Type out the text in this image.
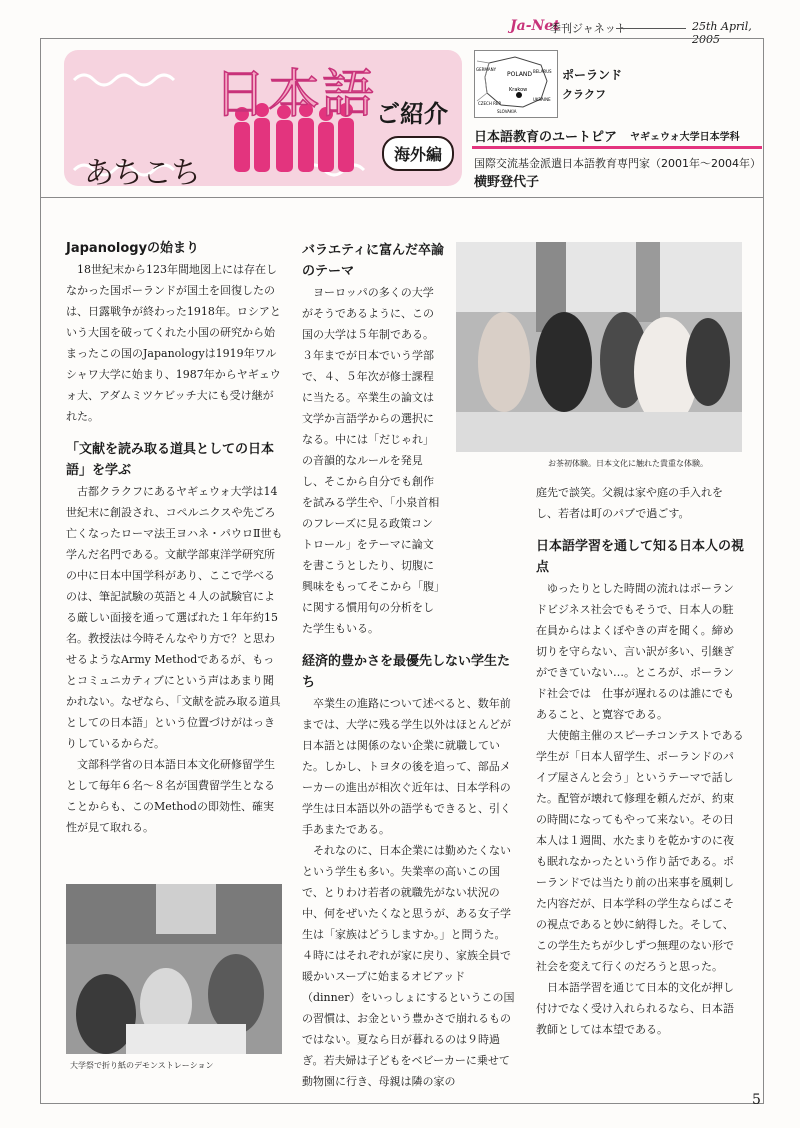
Ja-Net
季刊ジャネット	25th April, 2005
あちこち
日本語 ご紹介
海外編
POLAND
Krakow
GERMANY	BELARUS
UKRAINE
CZECH REP
SLOVAKIA
ポーランド
クラクフ
日本語教育のユートピア ヤギェウォ大学日本学科
国際交流基金派遣日本語教育専門家（2001年～2004年）
横野登代子
Japanologyの始まり

18世紀末から123年間地図上には存在しなかった国ポーランドが国土を回復したのは、日露戦争が終わった1918年。ロシアという大国を破ってくれた小国の研究から始まったこの国のJapanologyは1919年ワルシャワ大学に始まり、1987年からヤギェウォ大、アダムミツケビッチ大にも受け継がれた。

「文献を読み取る道具としての日本語」を学ぶ

古都クラクフにあるヤギェウォ大学は14世紀末に創設され、コペルニクスや先ごろ亡くなったローマ法王ヨハネ・パウロⅡ世も学んだ名門である。文献学部東洋学研究所の中に日本中国学科があり、ここで学べるのは、筆記試験の英語と４人の試験官による厳しい面接を通って選ばれた１年年約15名。教授法は今時そんなやり方で？と思わせるようなArmy Methodであるが、もっとコミュニカティブにという声はあまり聞かれない。なぜなら、「文献を読み取る道具としての日本語」という位置づけがはっきりしているからだ。

文部科学省の日本語日本文化研修留学生として毎年６名～８名が国費留学生となることからも、このMethodの即効性、確実性が見て取れる。

大学祭で折り紙のデモンストレーション
バラエティに富んだ卒論のテーマ
お茶初体験。日本文化に触れた貴重な体験。

ヨーロッパの多くの大学がそうであるように、この国の大学は５年制である。３年までが日本でいう学部で、４、５年次が修士課程に当たる。卒業生の論文は文学か言語学からの選択になる。中には「だじゃれ」の音韻的なルールを発見し、そこから自分でも創作を試みる学生や、「小泉首相のフレーズに見る政策コントロール」をテーマに論文を書こうとしたり、切腹に興味をもってそこから「腹」に関する慣用句の分析をした学生もいる。

経済的豊かさを最優先しない学生たち

卒業生の進路について述べると、数年前までは、大学に残る学生以外はほとんどが日本語とは関係のない企業に就職していた。しかし、トヨタの後を追って、部品メーカーの進出が相次ぐ近年は、日本学科の学生は日本語以外の語学もできると、引く手あまたである。

それなのに、日本企業には勤めたくないという学生も多い。失業率の高いこの国で、とりわけ若者の就職先がない状況の中、何をぜいたくなと思うが、ある女子学生は「家族はどうしますか。」と問うた。４時にはそれぞれが家に戻り、家族全員で暖かいスープに始まるオビアッド（dinner）をいっしょにするというこの国の習慣は、お金という豊かさで崩れるものではない。夏なら日が暮れるのは９時過ぎ。若夫婦は子どもをベビーカーに乗せて動物園に行き、母親は隣の家の

庭先で談笑。父親は家や庭の手入れをし、若者は町のパブで過ごす。

日本語学習を通して知る日本人の視点

ゆったりとした時間の流れはポーランドビジネス社会でもそうで、日本人の駐在員からはよくぼやきの声を聞く。締め切りを守らない、言い訳が多い、引継ぎができていない…。ところが、ポーランド社会では　仕事が遅れるのは誰にでもあること、と寛容である。

大使館主催のスピーチコンテストである学生が「日本人留学生、ポーランドのパイプ屋さんと会う」というテーマで話した。配管が壊れて修理を頼んだが、約束の時間になってもやって来ない。その日本人は１週間、水たまりを乾かすのに夜も眠れなかったという作り話である。ポーランドでは当たり前の出来事を風刺した内容だが、日本学科の学生ならばこその視点であると妙に納得した。そして、この学生たちが少しずつ無理のない形で社会を変えて行くのだろうと思った。

日本語学習を通じて日本的文化が押し付けでなく受け入れられるなら、日本語教師としては本望である。

5
